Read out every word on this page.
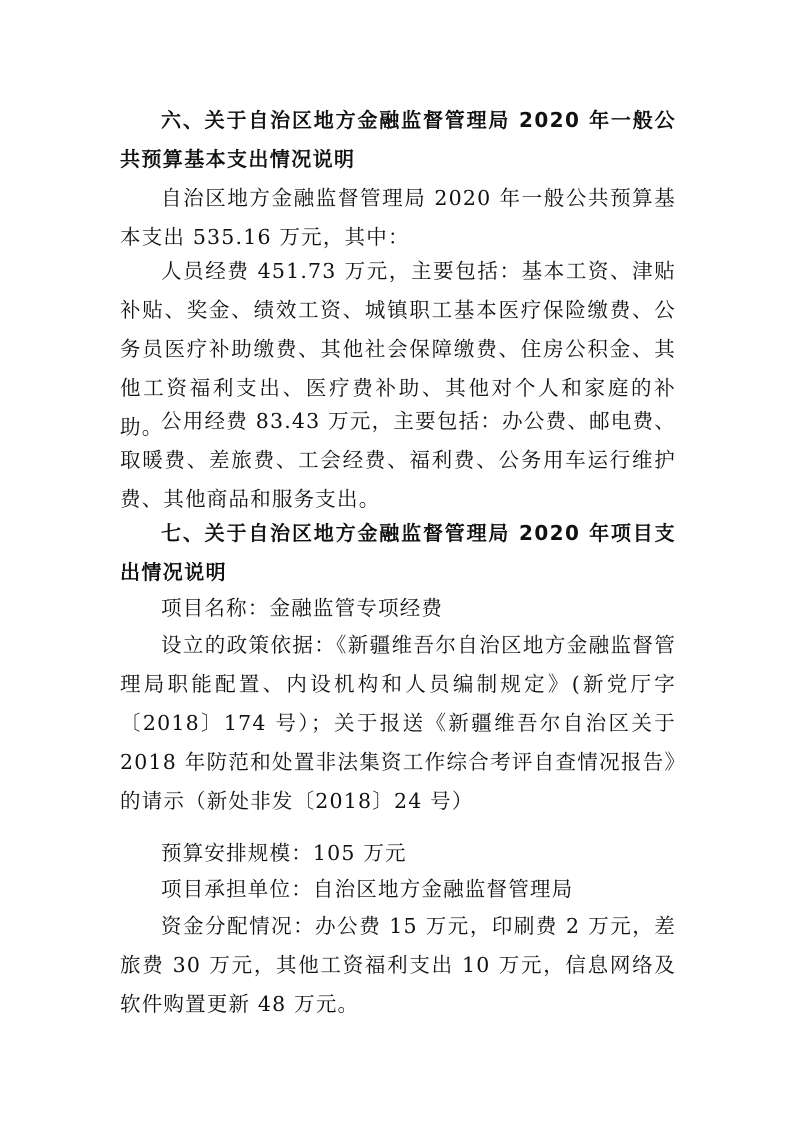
六、关于自治区地方金融监督管理局 2020 年一般公共预算基本支出情况说明

自治区地方金融监督管理局 2020 年一般公共预算基本支出 535.16 万元，其中：

人员经费 451.73 万元，主要包括：基本工资、津贴补贴、奖金、绩效工资、城镇职工基本医疗保险缴费、公务员医疗补助缴费、其他社会保障缴费、住房公积金、其他工资福利支出、医疗费补助、其他对个人和家庭的补助。

公用经费 83.43 万元，主要包括：办公费、邮电费、取暖费、差旅费、工会经费、福利费、公务用车运行维护费、其他商品和服务支出。

七、关于自治区地方金融监督管理局 2020 年项目支出情况说明

项目名称：金融监管专项经费

设立的政策依据：《新疆维吾尔自治区地方金融监督管理局职能配置、内设机构和人员编制规定》(新党厅字〔2018〕174 号）；关于报送《新疆维吾尔自治区关于 2018 年防范和处置非法集资工作综合考评自查情况报告》的请示（新处非发〔2018〕24 号）

预算安排规模：105 万元

项目承担单位：自治区地方金融监督管理局

资金分配情况：办公费 15 万元，印刷费 2 万元，差旅费 30 万元，其他工资福利支出 10 万元，信息网络及软件购置更新 48 万元。
